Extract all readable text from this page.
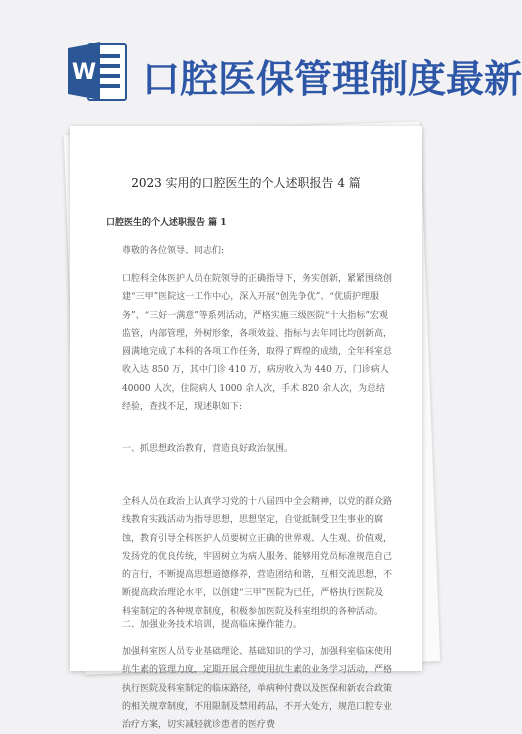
W 口腔医保管理制度最新
2023 实用的口腔医生的个人述职报告 4 篇
口腔医生的个人述职报告 篇 1
尊敬的各位领导、同志们:
口腔科全体医护人员在院领导的正确指导下，务实创新，紧紧围绕创建“三甲”医院这一工作中心，深入开展“创先争优”、“优质护理服务”、“三好一满意”等系列活动，严格实施三级医院“十大指标”宏观监管，内部管理，外树形象，各项效益、指标与去年同比均创新高，圆满地完成了本科的各项工作任务，取得了辉煌的成绩，全年科室总收入达 850 万，其中门诊 410 万，病房收入为 440 万，门诊病人 40000 人次，住院病人 1000 余人次，手术 820 余人次，为总结经验，查找不足，现述职如下:
一、抓思想政治教育，营造良好政治氛围。
全科人员在政治上认真学习党的十八届四中全会精神，以党的群众路线教育实践活动为指导思想，思想坚定，自觉抵制受卫生事业的腐蚀，教育引导全科医护人员要树立正确的世界观、人生观、价值观，发扬党的优良传统，牢固树立为病人服务、能够用党员标准规范自己的言行，不断提高思想道德修养，营造团结和谐，互相交流思想，不断提高政治理论水平，以创建“三甲”医院为已任，严格执行医院及科室制定的各种规章制度，积极参加医院及科室组织的各种活动。
二、加强业务技术培训，提高临床操作能力。
加强科室医人员专业基础理论、基础知识的学习，加强科室临床使用抗生素的管理力度，定期开展合理使用抗生素的业务学习活动，严格执行医院及科室制定的临床路径，单病种付费以及医保和新农合政策的相关规章制度，不用限制及禁用药品，不开大处方，规范口腔专业治疗方案，切实减轻就诊患者的医疗费
